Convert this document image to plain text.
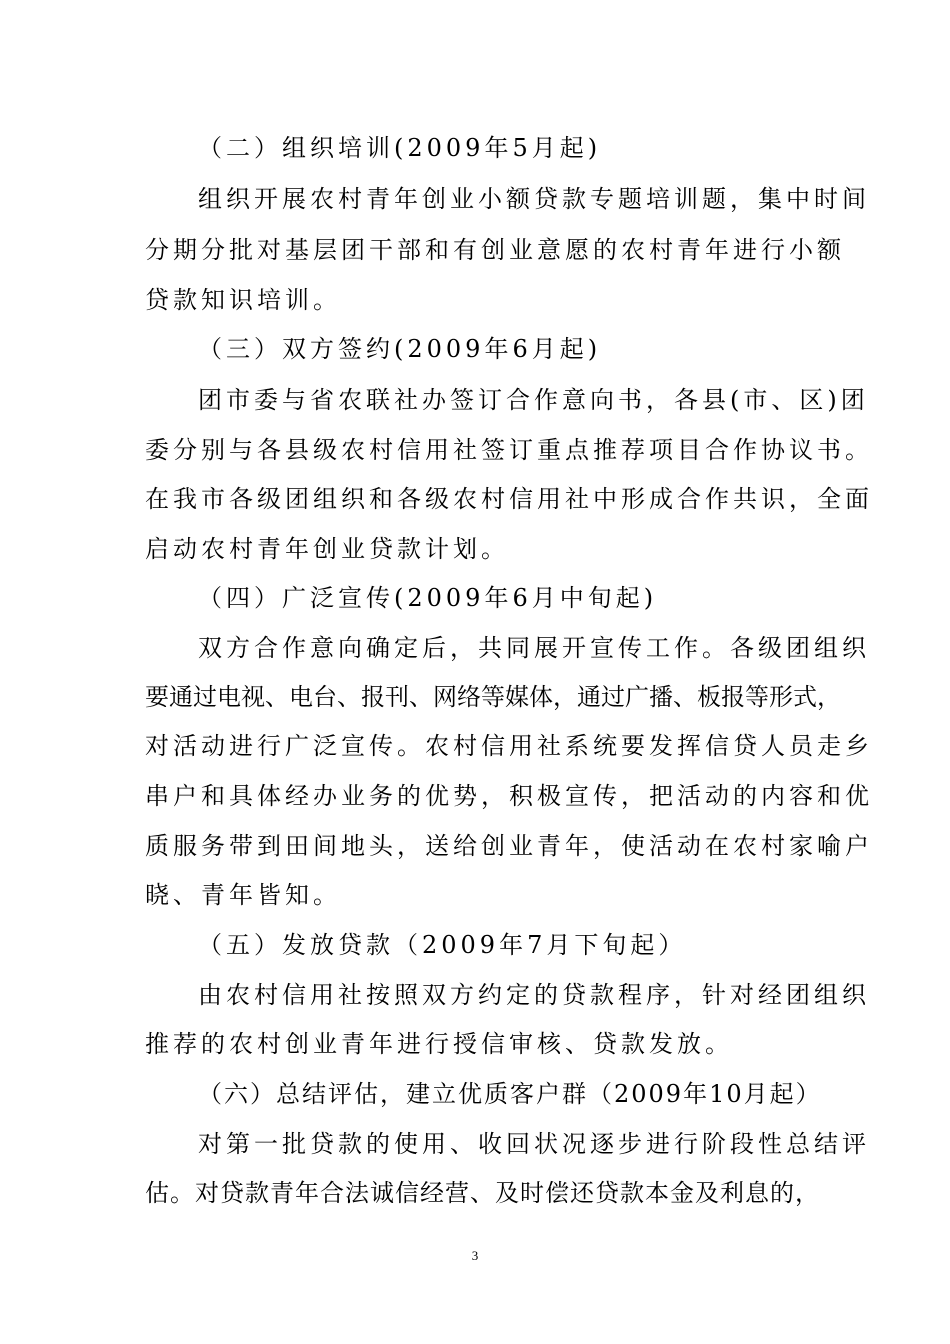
（二）组织培训(2009年5月起)
组织开展农村青年创业小额贷款专题培训题，集中时间
分期分批对基层团干部和有创业意愿的农村青年进行小额
贷款知识培训。
（三）双方签约(2009年6月起)
团市委与省农联社办签订合作意向书，各县(市、区)团
委分别与各县级农村信用社签订重点推荐项目合作协议书。
在我市各级团组织和各级农村信用社中形成合作共识，全面
启动农村青年创业贷款计划。
（四）广泛宣传(2009年6月中旬起)
双方合作意向确定后，共同展开宣传工作。各级团组织
要通过电视、电台、报刊、网络等媒体，通过广播、板报等形式，
对活动进行广泛宣传。农村信用社系统要发挥信贷人员走乡
串户和具体经办业务的优势，积极宣传，把活动的内容和优
质服务带到田间地头，送给创业青年，使活动在农村家喻户
晓、青年皆知。
（五）发放贷款（2009年7月下旬起）
由农村信用社按照双方约定的贷款程序，针对经团组织
推荐的农村创业青年进行授信审核、贷款发放。
（六）总结评估，建立优质客户群（2009年10月起）
对第一批贷款的使用、收回状况逐步进行阶段性总结评
估。对贷款青年合法诚信经营、及时偿还贷款本金及利息的，
3
